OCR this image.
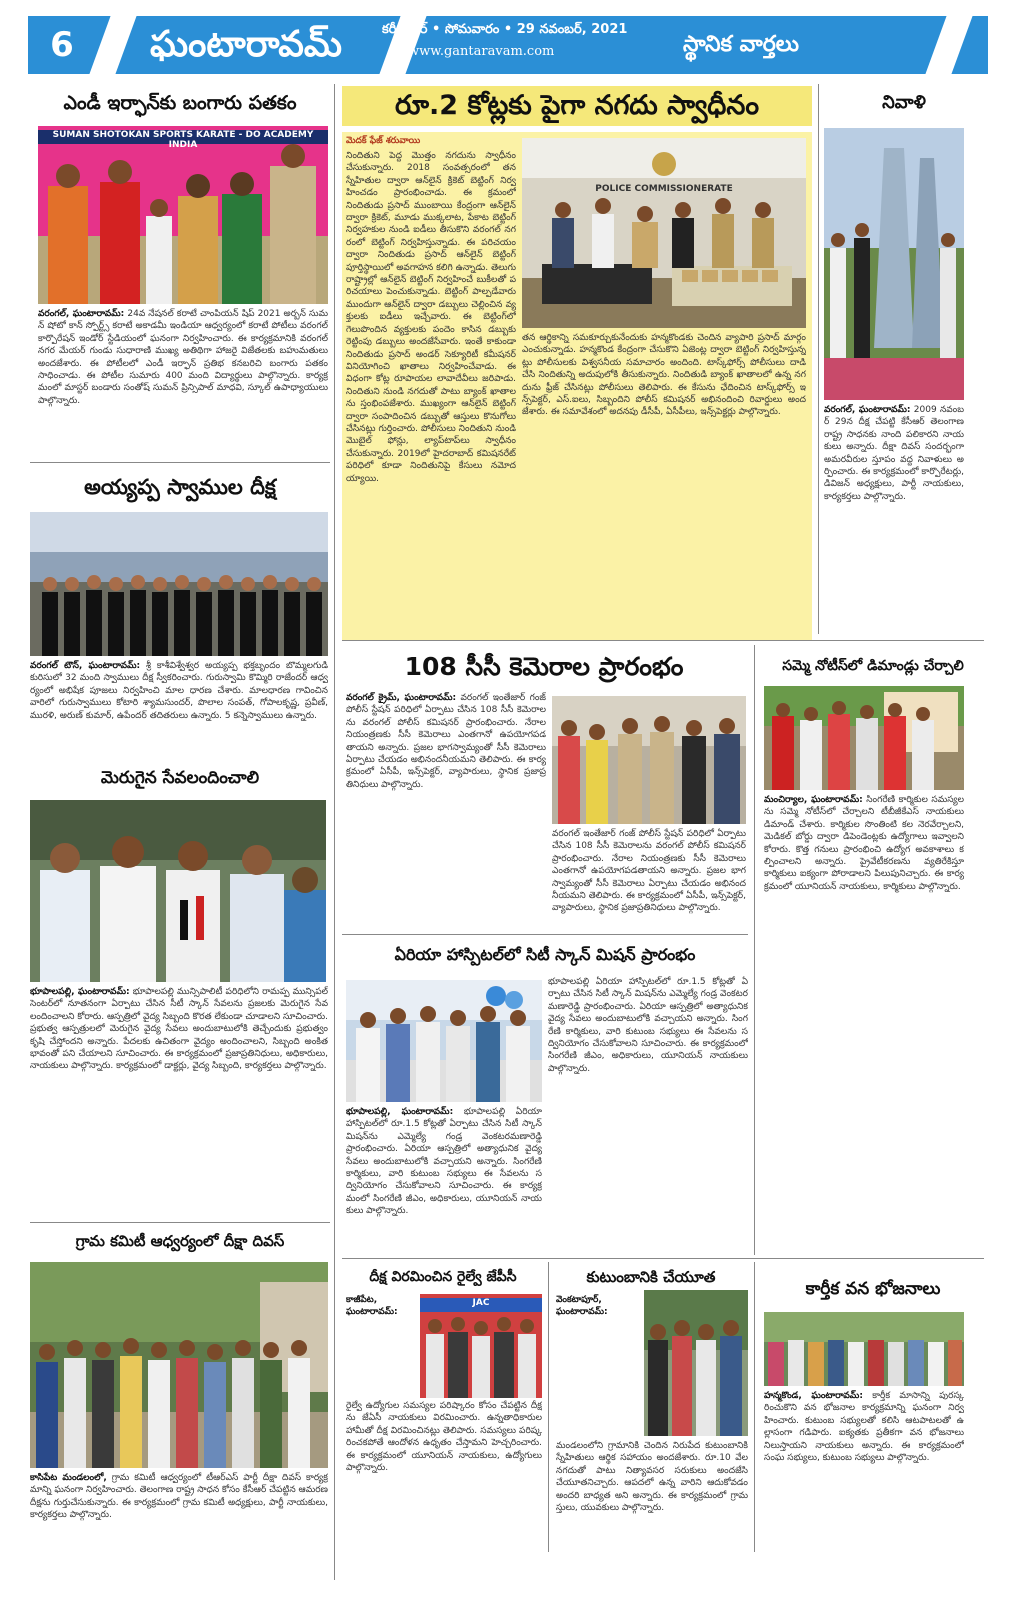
6	ఘంటారావమ్	కరీంనగర్ • సోమవారం • 29 నవంబర్, 2021
www.gantaravam.com	స్థానిక వార్తలు
ఎండీ ఇర్ఫాన్‌కు బంగారు పతకం
SUMAN SHOTOKAN SPORTS KARATE - DO ACADEMY INDIA
వరంగల్, ఘంటారావమ్: 24వ నేషనల్ కరాటే చాంపియన్ షిప్ 2021 అర్బన్ సుమన్ షోటో కాన్ స్పోర్ట్స్ కరాటే అకాడమీ ఇండియా ఆధ్వర్యంలో కరాటే పోటీలు వరంగల్ కార్పొరేషన్ ఇండోర్ స్టేడియంలో ఘనంగా నిర్వహించారు. ఈ కార్యక్రమానికి వరంగల్ నగర మేయర్ గుండు సుధారాణి ముఖ్య అతిథిగా హాజరై విజేతలకు బహుమతులు అందజేశారు. ఈ పోటీలలో ఎండీ ఇర్ఫాన్ ప్రతిభ కనబరిచి బంగారు పతకం సాధించాడు. ఈ పోటీల సుమారు 400 మంది విద్యార్థులు పాల్గొన్నారు. కార్యక్రమంలో మాస్టర్ బండారు సంతోష్ సుమన్ ప్రిన్సిపాల్ మాధవి, స్కూల్ ఉపాధ్యాయులు పాల్గొన్నారు.
అయ్యప్ప స్వాముల దీక్ష
వరంగల్ టౌన్, ఘంటారావమ్: శ్రీ కాశీవిశ్వేశ్వర అయ్యప్ప భక్తబృందం బొమ్మలగుడి కురిసులో 32 మంది స్వాములు దీక్ష స్వీకరించారు. గురుస్వామి కొమ్మిరి రాజేందర్ ఆధ్వర్యంలో అభిషేక పూజలు నిర్వహించి మాల ధారణ చేశారు. మాలధారణ గావించిన వారిలో గురుస్వాములు కోటారి శ్యామసుందర్, పొలాల సంపత్, గోపాలకృష్ణ, ప్రవీణ్, మురళి, అరుణ్ కుమార్, ఉపేందర్ తదితరులు ఉన్నారు. 5 కన్నెస్వాములు ఉన్నారు.
మెరుగైన సేవలందించాలి
భూపాలపల్లి, ఘంటారావమ్: భూపాలపల్లి మున్సిపాలిటీ పరిధిలోని రామప్ప మున్సిపల్ సెంటర్‌లో నూతనంగా ఏర్పాటు చేసిన సీటీ స్కాన్ సేవలను ప్రజలకు మెరుగైన సేవలందించాలని కోరారు. ఆస్పత్రిలో వైద్య సిబ్బంది కొరత లేకుండా చూడాలని సూచించారు. ప్రభుత్వ ఆస్పత్రులలో మెరుగైన వైద్య సేవలు అందుబాటులోకి తెచ్చేందుకు ప్రభుత్వం కృషి చేస్తోందని అన్నారు. పేదలకు ఉచితంగా వైద్యం అందించాలని, సిబ్బంది అంకితభావంతో పని చేయాలని సూచించారు. ఈ కార్యక్రమంలో ప్రజాప్రతినిధులు, అధికారులు, నాయకులు పాల్గొన్నారు. కార్యక్రమంలో డాక్టర్లు, వైద్య సిబ్బంది, కార్యకర్తలు పాల్గొన్నారు.
గ్రామ కమిటీ ఆధ్వర్యంలో దీక్షా దివస్
కాసిపేట మండలంలో, గ్రామ కమిటీ ఆధ్వర్యంలో టీఆర్ఎస్ పార్టీ దీక్షా దివస్ కార్యక్రమాన్ని ఘనంగా నిర్వహించారు. తెలంగాణ రాష్ట్ర సాధన కోసం కేసీఆర్ చేపట్టిన ఆమరణ దీక్షను గుర్తుచేసుకున్నారు. ఈ కార్యక్రమంలో గ్రామ కమిటీ అధ్యక్షులు, పార్టీ నాయకులు, కార్యకర్తలు పాల్గొన్నారు.
రూ.2 కోట్లకు పైగా నగదు స్వాధీనం
మెదక్ ఫేజ్ శరువాయి
నిందితుని పెద్ద మొత్తం నగదును స్వాధీనం చేసుకున్నారు. 2018 సంవత్సరంలో తన స్నేహితుల ద్వారా ఆన్‌లైన్ క్రికెట్ బెట్టింగ్ నిర్వహించడం ప్రారంభించాడు. ఈ క్రమంలో నిందితుడు ప్రసాద్ ముంబాయి కేంద్రంగా ఆన్‌లైన్ ద్వారా క్రికెట్, మూడు ముక్కలాట, పేకాట బెట్టింగ్ నిర్వహకుల నుండి ఐడీలు తీసుకొని వరంగల్ నగరంలో బెట్టింగ్ నిర్వహిస్తున్నాడు. ఈ పరిచయం ద్వారా నిందితుడు ప్రసాద్ ఆన్‌లైన్ బెట్టింగ్ పూర్తిస్థాయిలో అవగాహన కలిగి ఉన్నాడు. తెలుగు రాష్ట్రాల్లో ఆన్‌లైన్ బెట్టింగ్ నిర్వహించే బుకీలతో పరిచయాలు పెంచుకున్నాడు. బెట్టింగ్ పాల్పడేవారు ముందుగా ఆన్‌లైన్ ద్వారా డబ్బులు చెల్లించిన వ్యక్తులకు ఐడీలు ఇచ్చేవారు. ఈ బెట్టింగ్‌లో గెలుపొందిన వ్యక్తులకు పందెం కాసిన డబ్బుకు రెట్టింపు డబ్బులు అందజేసేవారు. ఇంతే కాకుండా నిందితుడు ప్రసాద్ అండర్ సెక్యూరిటీ కమీషనర్ వినియోగించి ఖాతాలు నిర్వహించేవాడు. ఈ విధంగా కోట్ల రూపాయల లావాదేవీలు జరిపాడు. నిందితుని నుండి నగదుతో పాటు బ్యాంక్ ఖాతాలను స్తంభింపజేశారు. ముఖ్యంగా ఆన్‌లైన్ బెట్టింగ్ ద్వారా సంపాదించిన డబ్బుతో ఆస్తులు కొనుగోలు చేసినట్లు గుర్తించారు. పోలీసులు నిందితుని నుండి మొబైల్ ఫోన్లు, ల్యాప్‌టాప్‌లు స్వాధీనం చేసుకున్నారు. 2019లో హైదరాబాద్ కమిషనరేట్ పరిధిలో కూడా నిందితునిపై కేసులు నమోదయ్యాయి.
POLICE COMMISSIONERATE
తన ఆర్థికాన్ని సమకూర్చుకునేందుకు హన్మకొండకు చెందిన వ్యాపారి ప్రసాద్ మార్గం ఎంచుకున్నాడు. హన్మకొండ కేంద్రంగా చేసుకొని ఏజెంట్ల ద్వారా బెట్టింగ్ నిర్వహిస్తున్నట్లు పోలీసులకు విశ్వసనీయ సమాచారం అందింది. టాస్క్‌ఫోర్స్ పోలీసులు దాడి చేసి నిందితున్ని అదుపులోకి తీసుకున్నారు. నిందితుడి బ్యాంక్ ఖాతాలలో ఉన్న నగదును ఫ్రీజ్ చేసినట్లు పోలీసులు తెలిపారు. ఈ కేసును ఛేదించిన టాస్క్‌ఫోర్స్ ఇన్స్‌పెక్టర్, ఎస్.ఐలు, సిబ్బందిని పోలీస్ కమిషనర్ అభినందించి రివార్డులు అందజేశారు. ఈ సమావేశంలో అదనపు డీసీపీ, ఏసీపీలు, ఇన్స్‌పెక్టర్లు పాల్గొన్నారు.
నివాళి
వరంగల్, ఘంటారావమ్: 2009 నవంబర్ 29న దీక్ష చేపట్టి కేసీఆర్ తెలంగాణ రాష్ట్ర సాధనకు నాంది పలికారని నాయకులు అన్నారు. దీక్షా దివస్ సందర్భంగా అమరవీరుల స్తూపం వద్ద నివాళులు అర్పించారు. ఈ కార్యక్రమంలో కార్పొరేటర్లు, డివిజన్ అధ్యక్షులు, పార్టీ నాయకులు, కార్యకర్తలు పాల్గొన్నారు.
108 సీసీ కెమెరాల ప్రారంభం
వరంగల్ క్రైమ్, ఘంటారావమ్: వరంగల్ ఇంతేజార్ గంజ్ పోలీస్ స్టేషన్ పరిధిలో ఏర్పాటు చేసిన 108 సీసీ కెమెరాలను వరంగల్ పోలీస్ కమిషనర్ ప్రారంభించారు. నేరాల నియంత్రణకు సీసీ కెమెరాలు ఎంతగానో ఉపయోగపడతాయని అన్నారు. ప్రజల భాగస్వామ్యంతో సీసీ కెమెరాలు ఏర్పాటు చేయడం అభినందనీయమని తెలిపారు. ఈ కార్యక్రమంలో ఏసీపీ, ఇన్స్‌పెక్టర్, వ్యాపారులు, స్థానిక ప్రజాప్రతినిధులు పాల్గొన్నారు.
వరంగల్ ఇంతేజార్ గంజ్ పోలీస్ స్టేషన్ పరిధిలో ఏర్పాటు చేసిన 108 సీసీ కెమెరాలను వరంగల్ పోలీస్ కమిషనర్ ప్రారంభించారు. నేరాల నియంత్రణకు సీసీ కెమెరాలు ఎంతగానో ఉపయోగపడతాయని అన్నారు. ప్రజల భాగస్వామ్యంతో సీసీ కెమెరాలు ఏర్పాటు చేయడం అభినందనీయమని తెలిపారు. ఈ కార్యక్రమంలో ఏసీపీ, ఇన్స్‌పెక్టర్, వ్యాపారులు, స్థానిక ప్రజాప్రతినిధులు పాల్గొన్నారు.
ఏరియా హాస్పిటల్‌లో సిటీ స్కాన్ మిషన్ ప్రారంభం
భూపాలపల్లి, ఘంటారావమ్: భూపాలపల్లి ఏరియా హాస్పిటల్‌లో రూ.1.5 కోట్లతో ఏర్పాటు చేసిన సిటీ స్కాన్ మిషన్‌ను ఎమ్మెల్యే గండ్ర వెంకటరమణారెడ్డి ప్రారంభించారు. ఏరియా ఆస్పత్రిలో అత్యాధునిక వైద్య సేవలు అందుబాటులోకి వచ్చాయని అన్నారు. సింగరేణి కార్మికులు, వారి కుటుంబ సభ్యులు ఈ సేవలను సద్వినియోగం చేసుకోవాలని సూచించారు. ఈ కార్యక్రమంలో సింగరేణి జీఎం, అధికారులు, యూనియన్ నాయకులు పాల్గొన్నారు.
భూపాలపల్లి ఏరియా హాస్పిటల్‌లో రూ.1.5 కోట్లతో ఏర్పాటు చేసిన సిటీ స్కాన్ మిషన్‌ను ఎమ్మెల్యే గండ్ర వెంకటరమణారెడ్డి ప్రారంభించారు. ఏరియా ఆస్పత్రిలో అత్యాధునిక వైద్య సేవలు అందుబాటులోకి వచ్చాయని అన్నారు. సింగరేణి కార్మికులు, వారి కుటుంబ సభ్యులు ఈ సేవలను సద్వినియోగం చేసుకోవాలని సూచించారు. ఈ కార్యక్రమంలో సింగరేణి జీఎం, అధికారులు, యూనియన్ నాయకులు పాల్గొన్నారు.
సమ్మె నోటీస్‌లో డిమాండ్లు చేర్చాలి
మంచిర్యాల, ఘంటారావమ్: సింగరేణి కార్మికుల సమస్యలను సమ్మె నోటీస్‌లో చేర్చాలని టీబీజీకేఎస్ నాయకులు డిమాండ్ చేశారు. కార్మికుల సొంతింటి కల నెరవేర్చాలని, మెడికల్ బోర్డు ద్వారా డిపెండెంట్లకు ఉద్యోగాలు ఇవ్వాలని కోరారు. కొత్త గనులు ప్రారంభించి ఉద్యోగ అవకాశాలు కల్పించాలని అన్నారు. ప్రైవేటీకరణను వ్యతిరేకిస్తూ కార్మికులు ఐక్యంగా పోరాడాలని పిలుపునిచ్చారు. ఈ కార్యక్రమంలో యూనియన్ నాయకులు, కార్మికులు పాల్గొన్నారు.
కార్తీక వన భోజనాలు
హన్మకొండ, ఘంటారావమ్: కార్తీక మాసాన్ని పురస్కరించుకొని వన భోజనాల కార్యక్రమాన్ని ఘనంగా నిర్వహించారు. కుటుంబ సభ్యులతో కలిసి ఆటపాటలతో ఉల్లాసంగా గడిపారు. ఐక్యతకు ప్రతీకగా వన భోజనాలు నిలుస్తాయని నాయకులు అన్నారు. ఈ కార్యక్రమంలో సంఘ సభ్యులు, కుటుంబ సభ్యులు పాల్గొన్నారు.
దీక్ష విరమించిన రైల్వే జేపీసీ
కాజీపేట, ఘంటారావమ్:
JAC
రైల్వే ఉద్యోగుల సమస్యల పరిష్కారం కోసం చేపట్టిన దీక్షను జేఏసీ నాయకులు విరమించారు. ఉన్నతాధికారుల హామీతో దీక్ష విరమించినట్లు తెలిపారు. సమస్యలు పరిష్కరించకపోతే ఆందోళన ఉధృతం చేస్తామని హెచ్చరించారు. ఈ కార్యక్రమంలో యూనియన్ నాయకులు, ఉద్యోగులు పాల్గొన్నారు.
కుటుంబానికి చేయూత
వెంకటాపూర్, ఘంటారావమ్:
మండలంలోని గ్రామానికి చెందిన నిరుపేద కుటుంబానికి స్నేహితులు ఆర్థిక సహాయం అందజేశారు. రూ.10 వేల నగదుతో పాటు నిత్యావసర సరుకులు అందజేసి చేయూతనిచ్చారు. ఆపదలో ఉన్న వారిని ఆదుకోవడం అందరి బాధ్యత అని అన్నారు. ఈ కార్యక్రమంలో గ్రామస్తులు, యువకులు పాల్గొన్నారు.
